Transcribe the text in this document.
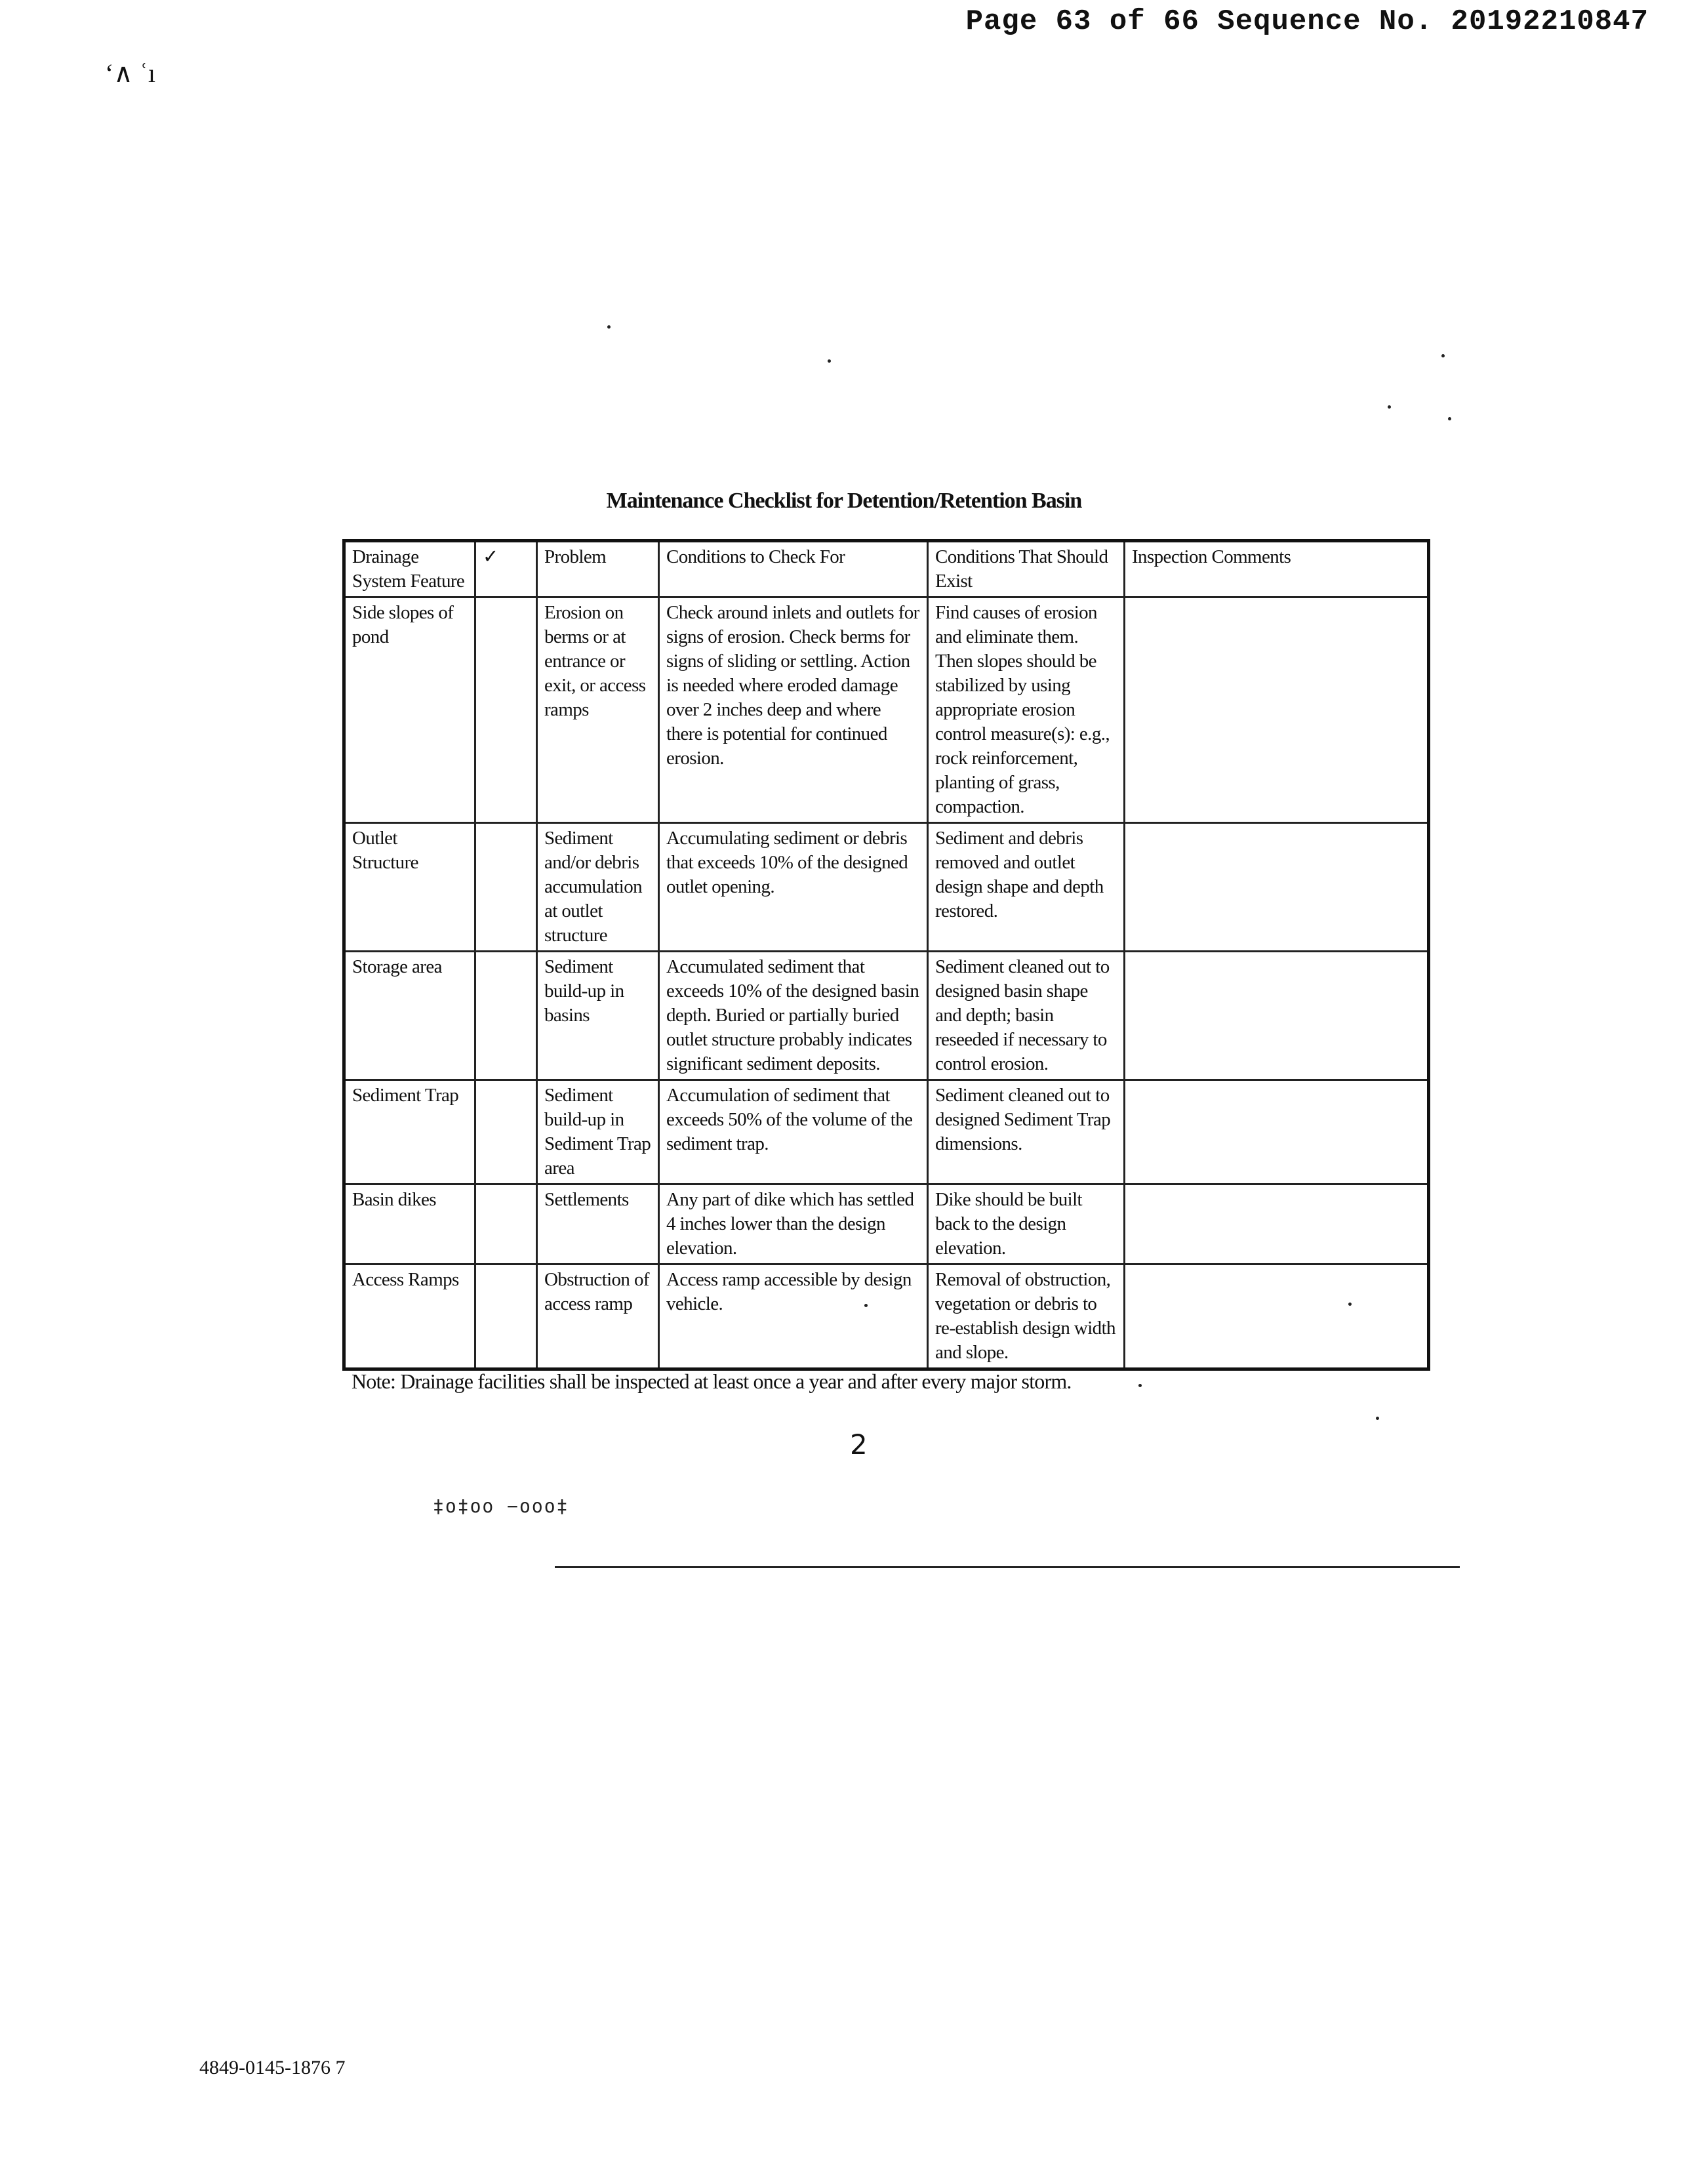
Page 63 of 66 Sequence No. 20192210847
ʻ∧ ʿı
Maintenance Checklist for Detention/Retention Basin
Drainage System Feature	✓	Problem	Conditions to Check For	Conditions That Should Exist	Inspection Comments
Side slopes of pond		Erosion on berms or at entrance or exit, or access ramps	Check around inlets and outlets for signs of erosion. Check berms for signs of sliding or settling. Action is needed where eroded damage over 2 inches deep and where there is potential for continued erosion.	Find causes of erosion and eliminate them. Then slopes should be stabilized by using appropriate erosion control measure(s): e.g., rock reinforcement, planting of grass, compaction.	
Outlet Structure		Sediment and/or debris accumulation at outlet structure	Accumulating sediment or debris that exceeds 10% of the designed outlet opening.	Sediment and debris removed and outlet design shape and depth restored.	
Storage area		Sediment build-up in basins	Accumulated sediment that exceeds 10% of the designed basin depth. Buried or partially buried outlet structure probably indicates significant sediment deposits.	Sediment cleaned out to designed basin shape and depth; basin reseeded if necessary to control erosion.	
Sediment Trap		Sediment build-up in Sediment Trap area	Accumulation of sediment that exceeds 50% of the volume of the sediment trap.	Sediment cleaned out to designed Sediment Trap dimensions.	
Basin dikes		Settlements	Any part of dike which has settled 4 inches lower than the design elevation.	Dike should be built back to the design elevation.	
Access Ramps		Obstruction of access ramp	Access ramp accessible by design vehicle.	Removal of obstruction, vegetation or debris to re-establish design width and slope.	
Note: Drainage facilities shall be inspected at least once a year and after every major storm.
2
‡ο‡οο −οοο‡
4849-0145-1876 7
